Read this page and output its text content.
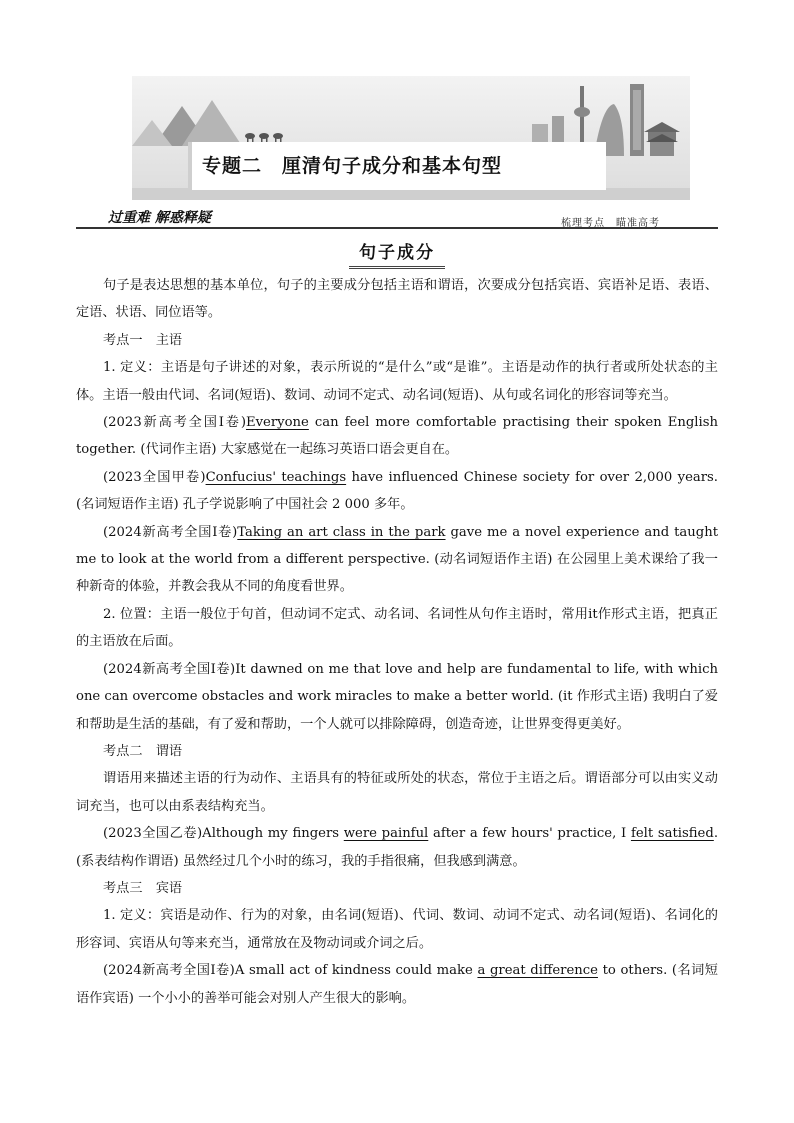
专题二　厘清句子成分和基本句型
过重难 解惑释疑	梳理考点　瞄准高考
句子成分

句子是表达思想的基本单位，句子的主要成分包括主语和谓语，次要成分包括宾语、宾语补足语、表语、定语、状语、同位语等。

考点一　主语

1. 定义：主语是句子讲述的对象，表示所说的“是什么”或“是谁”。主语是动作的执行者或所处状态的主体。主语一般由代词、名词(短语)、数词、动词不定式、动名词(短语)、从句或名词化的形容词等充当。

(2023新高考全国Ⅰ卷)Everyone can feel more comfortable practising their spoken English together. (代词作主语) 大家感觉在一起练习英语口语会更自在。

(2023全国甲卷)Confucius' teachings have influenced Chinese society for over 2,000 years.(名词短语作主语) 孔子学说影响了中国社会 2 000 多年。

(2024新高考全国Ⅰ卷)Taking an art class in the park gave me a novel experience and taught me to look at the world from a different perspective. (动名词短语作主语) 在公园里上美术课给了我一种新奇的体验，并教会我从不同的角度看世界。

2. 位置：主语一般位于句首，但动词不定式、动名词、名词性从句作主语时，常用it作形式主语，把真正的主语放在后面。

(2024新高考全国Ⅰ卷)It dawned on me that love and help are fundamental to life, with which one can overcome obstacles and work miracles to make a better world. (it 作形式主语) 我明白了爱和帮助是生活的基础，有了爱和帮助，一个人就可以排除障碍，创造奇迹，让世界变得更美好。

考点二　谓语

谓语用来描述主语的行为动作、主语具有的特征或所处的状态，常位于主语之后。谓语部分可以由实义动词充当，也可以由系表结构充当。

(2023全国乙卷)Although my fingers were painful after a few hours' practice, I felt satisfied. (系表结构作谓语) 虽然经过几个小时的练习，我的手指很痛，但我感到满意。

考点三　宾语

1. 定义：宾语是动作、行为的对象，由名词(短语)、代词、数词、动词不定式、动名词(短语)、名词化的形容词、宾语从句等来充当，通常放在及物动词或介词之后。

(2024新高考全国Ⅰ卷)A small act of kindness could make a great difference to others. (名词短语作宾语) 一个小小的善举可能会对别人产生很大的影响。
